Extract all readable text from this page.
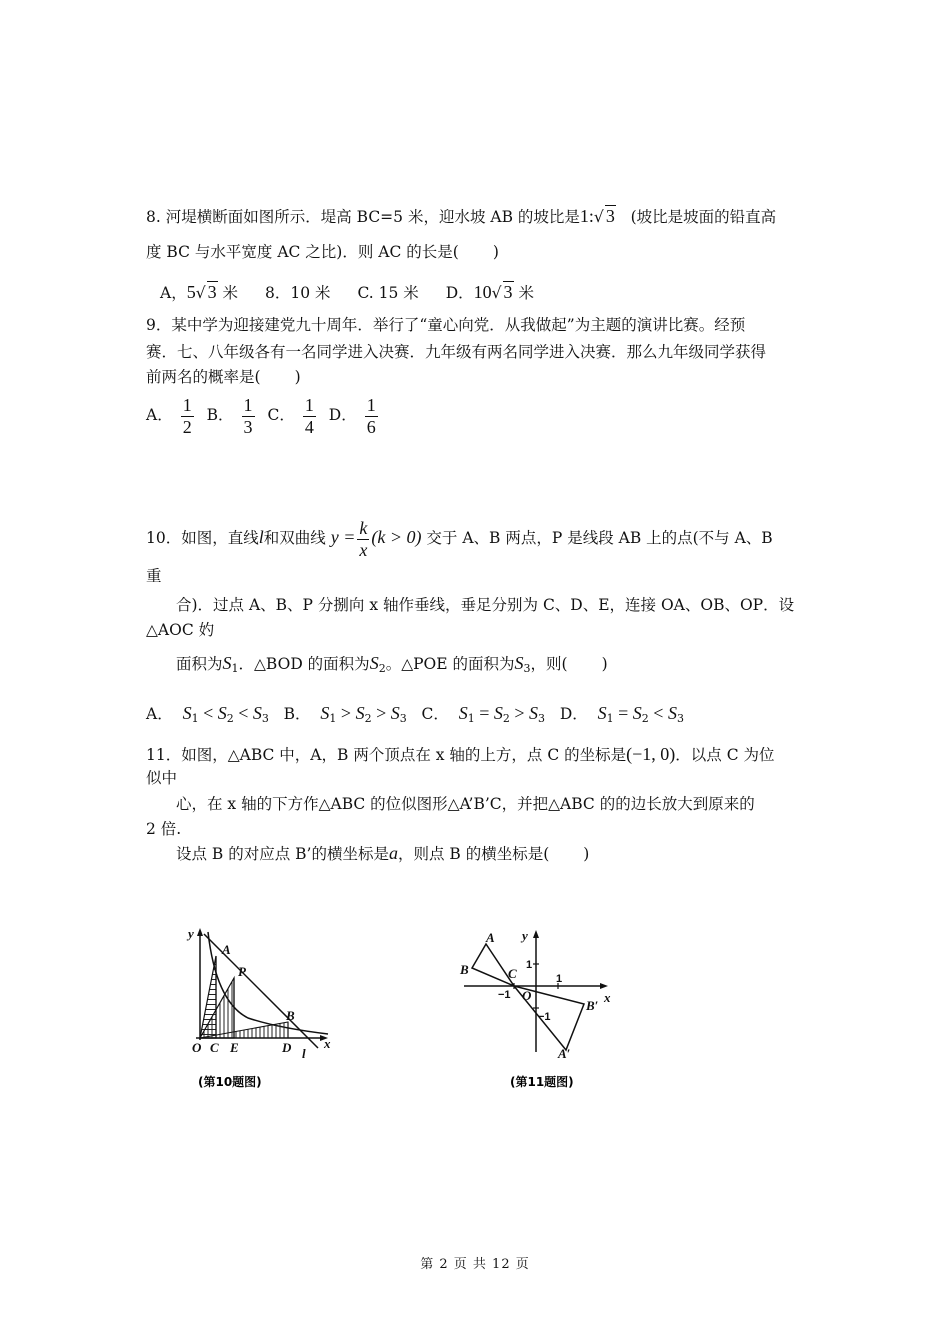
8. 河堤横断面如图所示．堤高 BC=5 米，迎水坡 AB 的坡比是1:√ 3 (坡比是坡面的铅直高
度 BC 与水平宽度 AC 之比)．则 AC 的长是( )
A，5√ 3 米 8．10 米 C. 15 米 D．10√ 3 米
9．某中学为迎接建党九十周年．举行了“童心向党．从我做起”为主题的演讲比赛。经预
赛．七、八年级各有一名同学进入决赛．九年级有两名同学进入决赛．那么九年级同学获得
前两名的概率是( )
A． $\frac{1}{2}$ B． $\frac{1}{3}$ C． $\frac{1}{4}$ D． $\frac{1}{6}$
10．如图，直线l和双曲线 $y = \frac{k}{x} (k > 0)$ 交于 A、B 两点，P 是线段 AB 上的点(不与 A、B
重
合)．过点 A、B、P 分捌向 x 轴作垂线，垂足分别为 C、D、E，连接 OA、OB、OP．设
△AOC 妁
面积为$S_1$．△BOD 的面积为$S_2$。△POE 的面积为$S_3$，则( )
A． $S_1 < S_2 < S_3$ B． $S_1 > S_2 > S_3$ C． $S_1 = S_2 > S_3$ D． $S_1 = S_2 < S_3$
11．如图，△ABC 中，A，B 两个顶点在 x 轴的上方，点 C 的坐标是(−1, 0)．以点 C 为位
似中
心，在 x 轴的下方作△ABC 的位似图形△A’B’C，并把△ABC 的的边长放大到原来的
2 倍.
设点 B 的对应点 B’的横坐标是a，则点 B 的横坐标是( )
y
A
P
B
O C E	D	x
l
(第10题图)
A
B	C
O
y
x
B′
A′
1
−1
1
−1
(第11题图)
第 2 页 共 12 页
